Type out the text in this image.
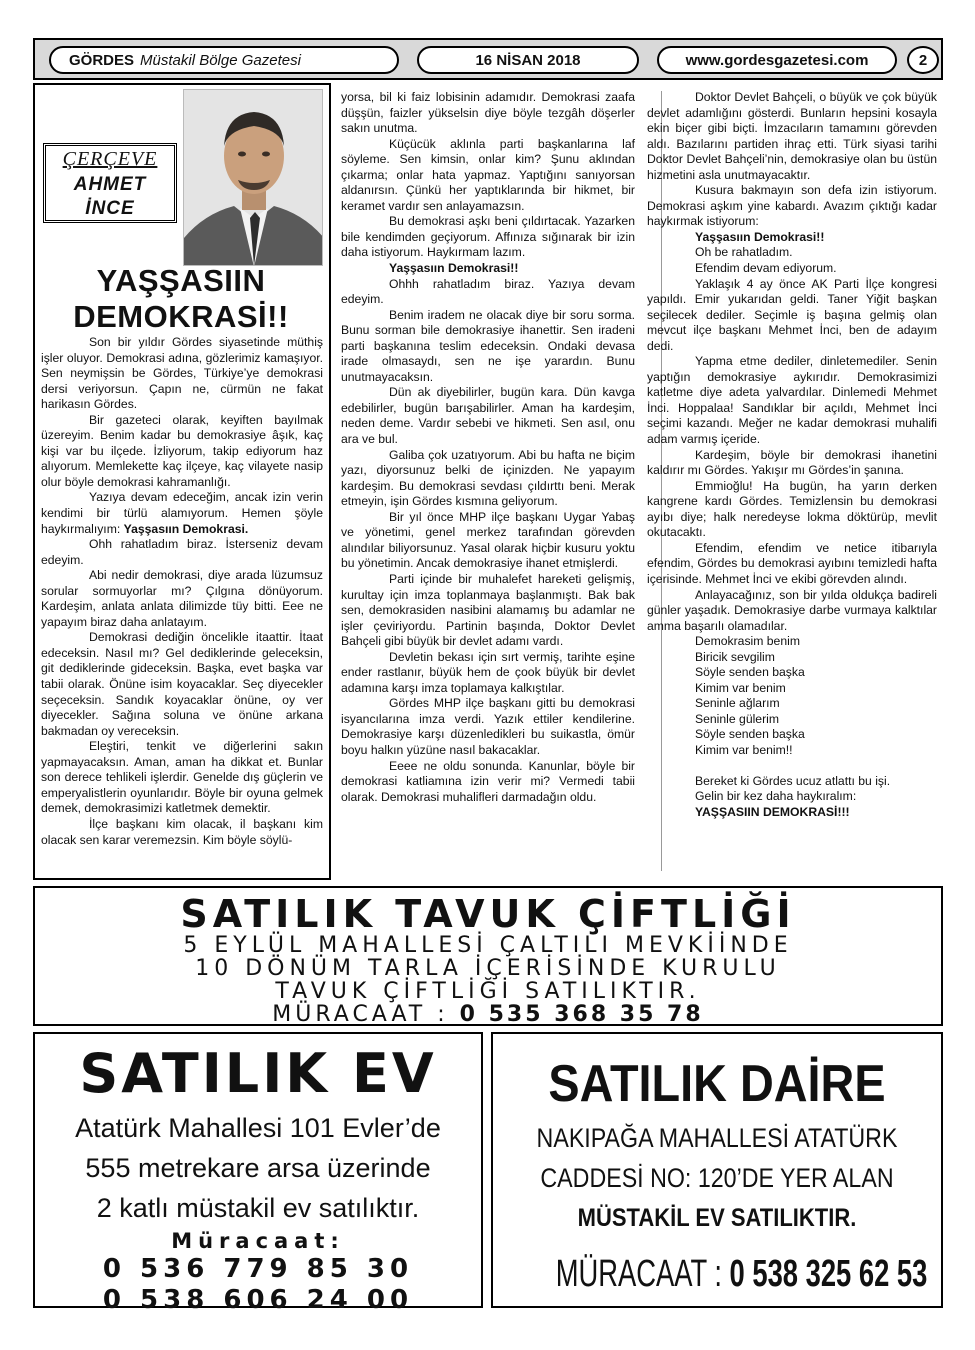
GÖRDES Müstakil Bölge Gazetesi	16 NİSAN 2018	www.gordesgazetesi.com	2
ÇERÇEVE
AHMET
İNCE
YAŞŞASIIN
DEMOKRASİ!!

Son bir yıldır Gördes siyasetinde müthiş işler oluyor. Demokrasi adına, gözlerimiz kamaşıyor. Sen neymişsin be Gördes, Türkiye’ye demokrasi dersi veriyorsun. Çapın ne, cürmün ne fakat harikasın Gördes.

Bir gazeteci olarak, keyiften bayılmak üzereyim. Benim kadar bu demokrasiye âşık, kaç kişi var bu ilçede. İzliyorum, takip ediyorum haz alıyorum. Memlekette kaç ilçeye, kaç vilayete nasip olur böyle demokrasi kahramanlığı.

Yazıya devam edeceğim, ancak izin verin kendimi bir türlü alamıyorum. Hemen şöyle haykırmalıyım: Yaşşasıın Demokrasi.

Ohh rahatladım biraz. İsterseniz devam edeyim.

Abi nedir demokrasi, diye arada lüzumsuz sorular sormuyorlar mı? Çılgına dönüyorum. Kardeşim, anlata anlata dilimizde tüy bitti. Eee ne yapayım biraz daha anlatayım.

Demokrasi dediğin öncelikle itaattir. İtaat edeceksin. Nasıl mı? Gel dediklerinde geleceksin, git dediklerinde gideceksin. Başka, evet başka var tabii olarak. Önüne isim koyacaklar. Seç diyecekler seçeceksin. Sandık koyacaklar önüne, oy ver diyecekler. Sağına soluna ve önüne arkana bakmadan oy vereceksin.

Eleştiri, tenkit ve diğerlerini sakın yapmayacaksın. Aman, aman ha dikkat et. Bunlar son derece tehlikeli işlerdir. Genelde dış güçlerin ve emperyalistlerin oyunlarıdır. Böyle bir oyuna gelmek demek, demokrasimizi katletmek demektir.

İlçe başkanı kim olacak, il başkanı kim olacak sen karar veremezsin. Kim böyle söylü-

yorsa, bil ki faiz lobisinin adamıdır. Demokrasi zaafa düşşün, faizler yükselsin diye böyle tezgâh döşerler sakın unutma.

Küçücük aklınla parti başkanlarına laf söyleme. Sen kimsin, onlar kim? Şunu aklından çıkarma; onlar hata yapmaz. Yaptığını sanıyorsan aldanırsın. Çünkü her yaptıklarında bir hikmet, bir keramet vardır sen anlayamazsın.

Bu demokrasi aşkı beni çıldırtacak. Yazarken bile kendimden geçiyorum. Affınıza sığınarak bir izin daha istiyorum. Haykırmam lazım.

Yaşşasıın Demokrasi!!

Ohhh rahatladım biraz. Yazıya devam edeyim.

Benim iradem ne olacak diye bir soru sorma. Bunu sorman bile demokrasiye ihanettir. Sen iradeni parti başkanına teslim edeceksin. Ondaki devasa irade olmasaydı, sen ne işe yarardın. Bunu unutmayacaksın.

Dün ak diyebilirler, bugün kara. Dün kavga edebilirler, bugün barışabilirler. Aman ha kardeşim, neden deme. Vardır sebebi ve hikmeti. Sen asıl, onu ara ve bul.

Galiba çok uzatıyorum. Abi bu hafta ne biçim yazı, diyorsunuz belki de içinizden. Ne yapayım kardeşim. Bu demokrasi sevdası çıldırttı beni. Merak etmeyin, işin Gördes kısmına geliyorum.

Bir yıl önce MHP ilçe başkanı Uygar Yabaş ve yönetimi, genel merkez tarafından görevden alındılar biliyorsunuz. Yasal olarak hiçbir kusuru yoktu bu yönetimin. Ancak demokrasiye ihanet etmişlerdi.

Parti içinde bir muhalefet hareketi gelişmiş, kurultay için imza toplanmaya başlanmıştı. Bak bak sen, demokrasiden nasibini alamamış bu adamlar ne işler çeviriyordu. Partinin başında, Doktor Devlet Bahçeli gibi büyük bir devlet adamı vardı.

Devletin bekası için sırt vermiş, tarihte eşine ender rastlanır, büyük hem de çook büyük bir devlet adamına karşı imza toplamaya kalkıştılar.

Gördes MHP ilçe başkanı gitti bu demokrasi isyancılarına imza verdi. Yazık ettiler kendilerine. Demokrasiye karşı düzenledikleri bu suikastla, ömür boyu halkın yüzüne nasıl bakacaklar.

Eeee ne oldu sonunda. Kanunlar, böyle bir demokrasi katliamına izin verir mi? Vermedi tabii olarak. Demokrasi muhalifleri darmadağın oldu.

Doktor Devlet Bahçeli, o büyük ve çok büyük devlet adamlığını gösterdi. Bunların hepsini kosayla ekin biçer gibi biçti. İmzacıların tamamını görevden aldı. Bazılarını partiden ihraç etti. Türk siyasi tarihi Doktor Devlet Bahçeli’nin, demokrasiye olan bu üstün hizmetini asla unutmayacaktır.

Kusura bakmayın son defa izin istiyorum. Demokrasi aşkım yine kabardı. Avazım çıktığı kadar haykırmak istiyorum:

Yaşşasıın Demokrasi!!

Oh be rahatladım.

Efendim devam ediyorum.

Yaklaşık 4 ay önce AK Parti İlçe kongresi yapıldı. Emir yukarıdan geldi. Taner Yiğit başkan seçilecek dediler. Seçimle iş başına gelmiş olan mevcut ilçe başkanı Mehmet İnci, ben de adayım dedi.

Yapma etme dediler, dinletemediler. Senin yaptığın demokrasiye aykırıdır. Demokrasimizi katletme diye adeta yalvardılar. Dinlemedi Mehmet İnci. Hoppalaa! Sandıklar bir açıldı, Mehmet İnci seçimi kazandı. Meğer ne kadar demokrasi muhalifi adam varmış içeride.

Kardeşim, böyle bir demokrasi ihanetini kaldırır mı Gördes. Yakışır mı Gördes’in şanına.

Emmioğlu! Ha bugün, ha yarın derken kangrene kardı Gördes. Temizlensin bu demokrasi ayıbı diye; halk neredeyse lokma döktürüp, mevlit okutacaktı.

Efendim, efendim ve netice itibarıyla efendim, Gördes bu demokrasi ayıbını temizledi hafta içerisinde. Mehmet İnci ve ekibi görevden alındı.

Anlayacağınız, son bir yılda oldukça badireli günler yaşadık. Demokrasiye darbe vurmaya kalktılar amma başarılı olamadılar.

Demokrasim benim

Biricik sevgilim

Söyle senden başka

Kimim var benim

Seninle ağlarım

Seninle gülerim

Söyle senden başka

Kimim var benim!!

Bereket ki Gördes ucuz atlattı bu işi.

Gelin bir kez daha haykıralım:

YAŞŞASIIN DEMOKRASİ!!!

SATILIK TAVUK ÇİFTLİĞİ
5 EYLÜL MAHALLESİ ÇALTILI MEVKİİNDE
10 DÖNÜM TARLA İÇERİSİNDE KURULU
TAVUK ÇİFTLİĞİ SATILIKTIR.
MÜRACAAT : 0 535 368 35 78
SATILIK EV
Atatürk Mahallesi 101 Evler’de
555 metrekare arsa üzerinde
2 katlı müstakil ev satılıktır.
Müracaat:
0 536 779 85 30
0 538 606 24 00
SATILIK DAİRE
NAKIPAĞA MAHALLESİ ATATÜRK
CADDESİ NO: 120’DE YER ALAN
MÜSTAKİL EV SATILIKTIR.
MÜRACAAT : 0 538 325 62 53
